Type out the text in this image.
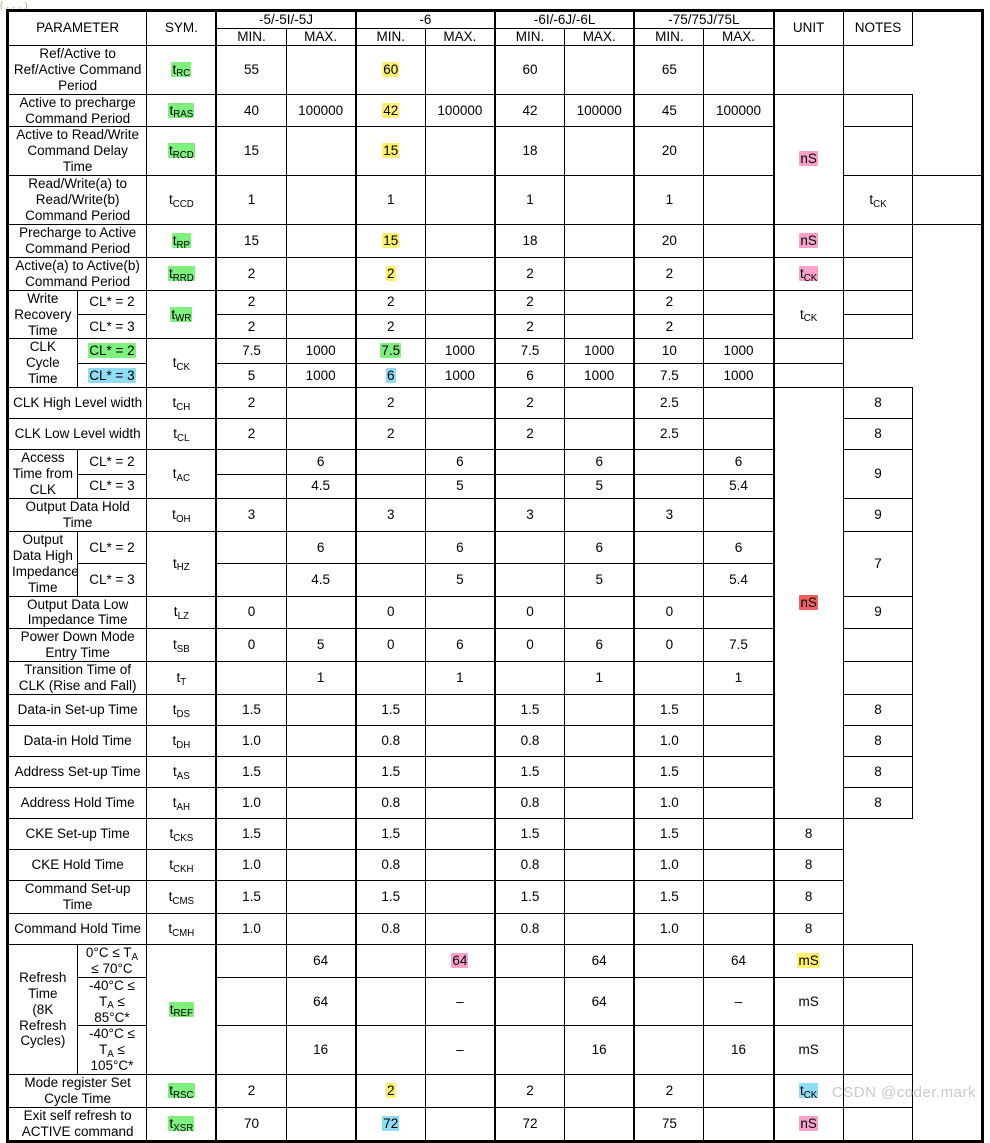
( , , , )
PARAMETER		SYM.	-5/-5I/-5J		-6		-6I/-6J/-6L		-75/75J/75L		UNIT	NOTES	
			MIN.	MAX.	MIN.	MAX.	MIN.	MAX.	MIN.	MAX.			
Ref/Active to Ref/Active Command Period		$t_{RC}$	55		60		60		65				
Active to precharge Command Period		$t_{RAS}$	40	100000	42	100000	42	100000	45	100000	nS		
Active to Read/Write Command Delay Time		$t_{RCD}$	15		15		18		20				
Read/Write(a) to Read/Write(b) Command Period		$t_{CCD}$	1		1		1		1			$t_{CK}$	
Precharge to Active Command Period		$t_{RP}$	15		15		18		20		nS		
Active(a) to Active(b) Command Period		$t_{RRD}$	2		2		2		2		$t_{CK}$	
Write Recovery Time	CL* = 2	$t_{WR}$	2		2		2		2		$t_{CK}$	
	CL* = 3		2		2		2		2				
CLK Cycle Time	CL* = 2	$t_{CK}$	7.5	1000	7.5	1000	7.5	1000	10	1000			
	CL* = 3		5	1000	6	1000	6	1000	7.5	1000			
CLK High Level width		$t_{CH}$	2		2		2		2.5		nS	8	
CLK Low Level width		$t_{CL}$	2		2		2		2.5			8	
Access Time from CLK	CL* = 2	$t_{AC}$		6		6		6		6		9	
	CL* = 3			4.5		5		5		5.4			
Output Data Hold Time		$t_{OH}$	3		3		3		3			9	
Output Data High Impedance Time	CL* = 2	$t_{HZ}$		6		6		6		6		7	
	CL* = 3			4.5		5		5		5.4			
Output Data Low Impedance Time		$t_{LZ}$	0		0		0		0			9	
Power Down Mode Entry Time		$t_{SB}$	0	5	0	6	0	6	0	7.5			
Transition Time of CLK (Rise and Fall)		$t_T$		1		1		1		1			
Data-in Set-up Time		$t_{DS}$	1.5		1.5		1.5		1.5			8	
Data-in Hold Time		$t_{DH}$	1.0		0.8		0.8		1.0			8	
Address Set-up Time		$t_{AS}$	1.5		1.5		1.5		1.5			8	
Address Hold Time		$t_{AH}$	1.0		0.8		0.8		1.0			8	
CKE Set-up Time		$t_{CKS}$	1.5		1.5		1.5		1.5		8		
CKE Hold Time		$t_{CKH}$	1.0		0.8		0.8		1.0		8		
Command Set-up Time		$t_{CMS}$	1.5		1.5		1.5		1.5		8		
Command Hold Time		$t_{CMH}$	1.0		0.8		0.8		1.0		8		
Refresh Time
(8K Refresh Cycles)	$0^\circ C \le T_A \le 70^\circ C$	$t_{REF}$		64		64		64		64	mS		
	$-40^\circ C \le T_A \le 85^\circ C*$			64		–		64		–	mS		
	$-40^\circ C \le T_A \le 105^\circ C*$			16		–		16		16	mS		
Mode register Set Cycle Time		$t_{RSC}$	2		2		2		2		$t_{CK}$	
Exit self refresh to ACTIVE command		$t_{XSR}$	70		72		72		75		nS		
CSDN @coder.mark
